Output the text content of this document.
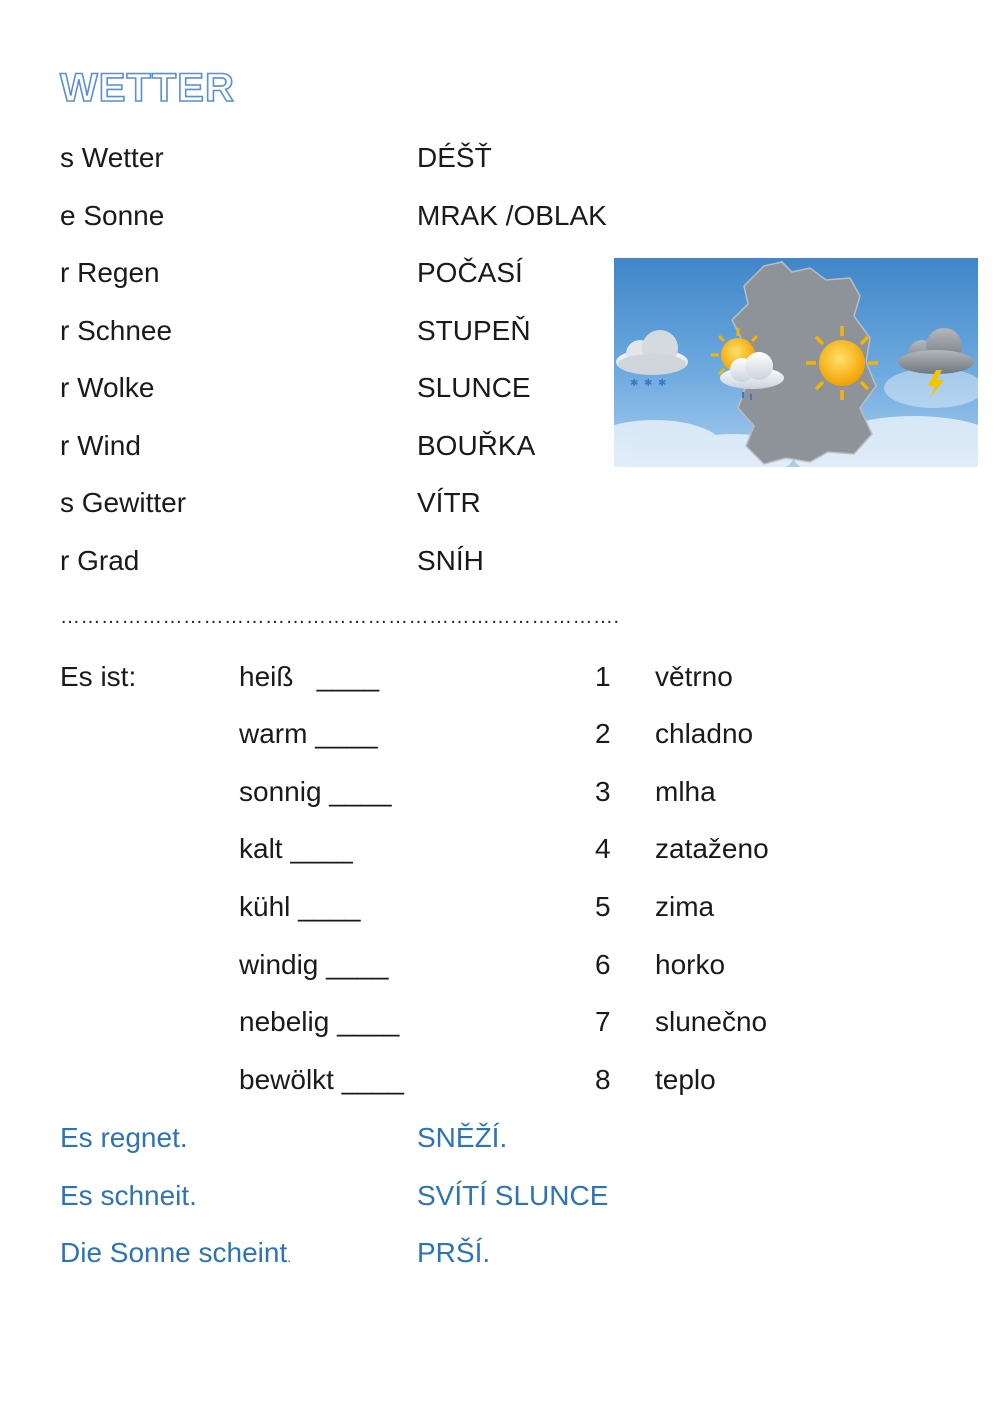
WETTER
s Wetter
e Sonne
r Regen
r Schnee
r Wolke
r Wind
s Gewitter
r Grad
DÉŠŤ
MRAK /OBLAK
POČASÍ
STUPEŇ
SLUNCE
BOUŘKA
VÍTR
SNÍH
✱ ✱ ✱
……………………………………………………………………….
Es ist:	heiß   ____
warm ____
sonnig ____
kalt ____
kühl ____
windig ____
nebelig ____
bewölkt ____
1
2
3
4
5
6
7
8
větrno
chladno
mlha
zataženo
zima
horko
slunečno
teplo
Es regnet.
Es schneit.
Die Sonne scheint.
SNĚŽÍ.
SVÍTÍ SLUNCE
PRŠÍ.
